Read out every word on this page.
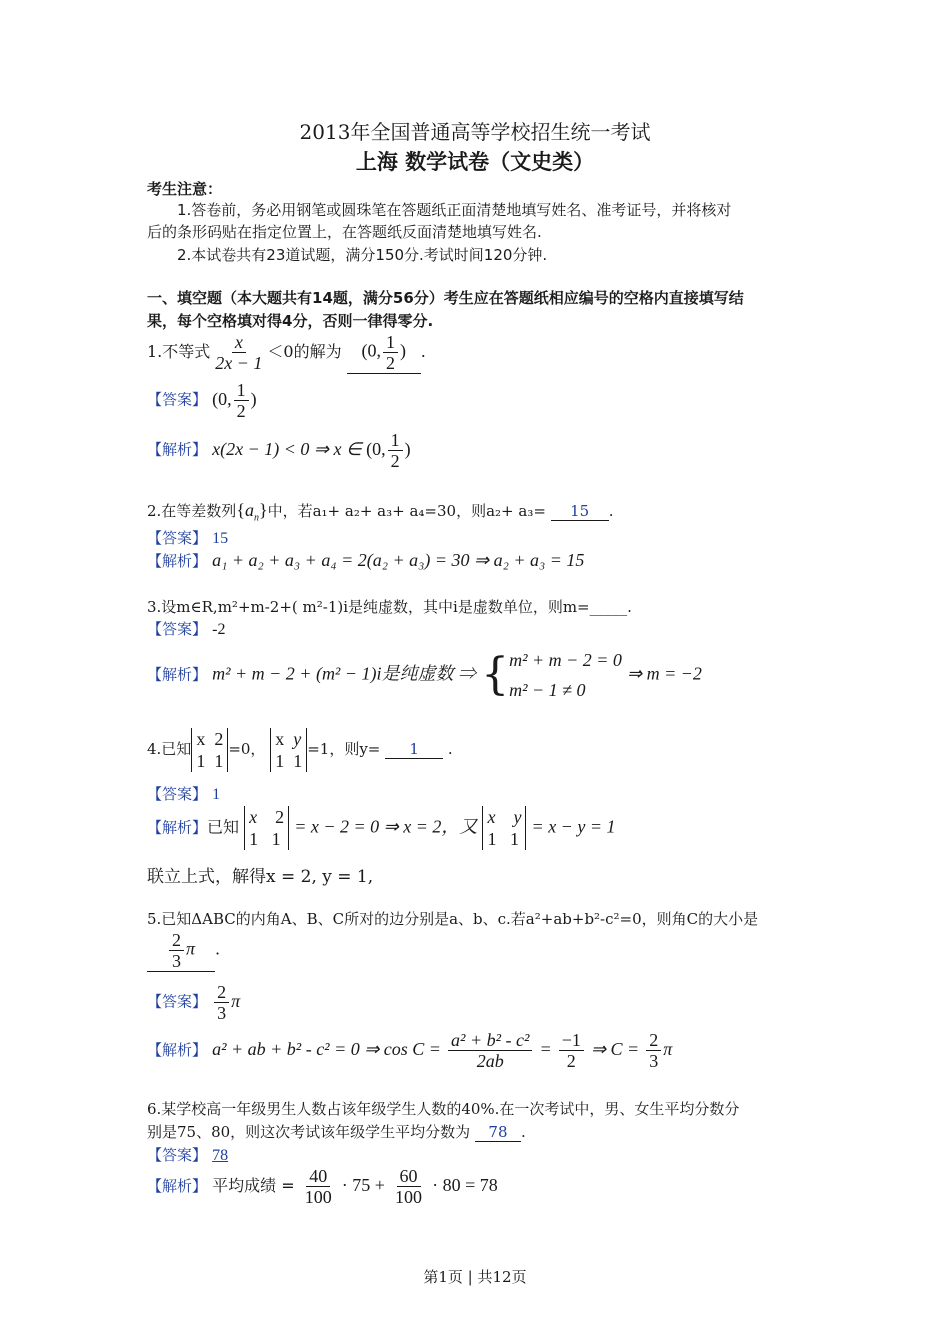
2013年全国普通高等学校招生统一考试
上海 数学试卷（文史类）
考生注意：
1.答卷前，务必用钢笔或圆珠笔在答题纸正面清楚地填写姓名、准考证号，并将核对
后的条形码贴在指定位置上，在答题纸反面清楚地填写姓名.
2.本试卷共有23道试题，满分150分.考试时间120分钟.
一、填空题（本大题共有14题，满分56分）考生应在答题纸相应编号的空格内直接填写结
果，每个空格填对得4分，否则一律得零分.
1.不等式 $\frac{x}{2x - 1} <0$的解为 (0, $\frac{1}{2}$ ) .
【答案】 (0, $\frac{1}{2}$ )
【解析】 x(2x − 1) < 0 ⇒ x ∈ (0, $\frac{1}{2}$ )
2.在等差数列$\{a_n\}$中，若a₁+ a₂+ a₃+ a₄=30，则a₂+ a₃= 15 .
【答案】 15
【解析】 a₁ + a₂ + a₃ + a₄ = 2(a₂ + a₃) = 30 ⇒ a₂ + a₃ = 15
3.设m∈R,m²+m-2+( m²-1)i是纯虚数，其中i是虚数单位，则m=_____.
【答案】 -2
【解析】 m² + m − 2 + (m² − 1)i是纯虚数 ⇒ {m² + m − 2 = 0
m² − 1 ≠ 0 ⇒ m = −2
4.已知 x  2
1  1=0， x  y
1  1=1，则y= 1 .
【答案】 1
【解析】已知 x    2
1   1 = x − 2 = 0 ⇒ x = 2，又 x    y
1   1 = x − y = 1
联立上式，解得x = 2, y = 1,
5.已知ΔABC的内角A、B、C所对的边分别是a、b、c.若a²+ab+b²-c²=0，则角C的大小是
$\frac{2}{3}$ π .
【答案】 $\frac{2}{3}$ π
【解析】 a² + ab + b² - c² = 0 ⇒ $\cos C = \frac{\text{a² + b² - c²}}{2ab} = \frac{-1}{2}$ ⇒ $C = \frac{2}{3}$ π
6.某学校高一年级男生人数占该年级学生人数的40%.在一次考试中，男、女生平均分数分
别是75、80，则这次考试该年级学生平均分数为 78 .
【答案】 78
【解析】 平均成绩 = $\frac{40}{100} \cdot 75 + \frac{60}{100} \cdot 80 = 78$
第1页 | 共12页
